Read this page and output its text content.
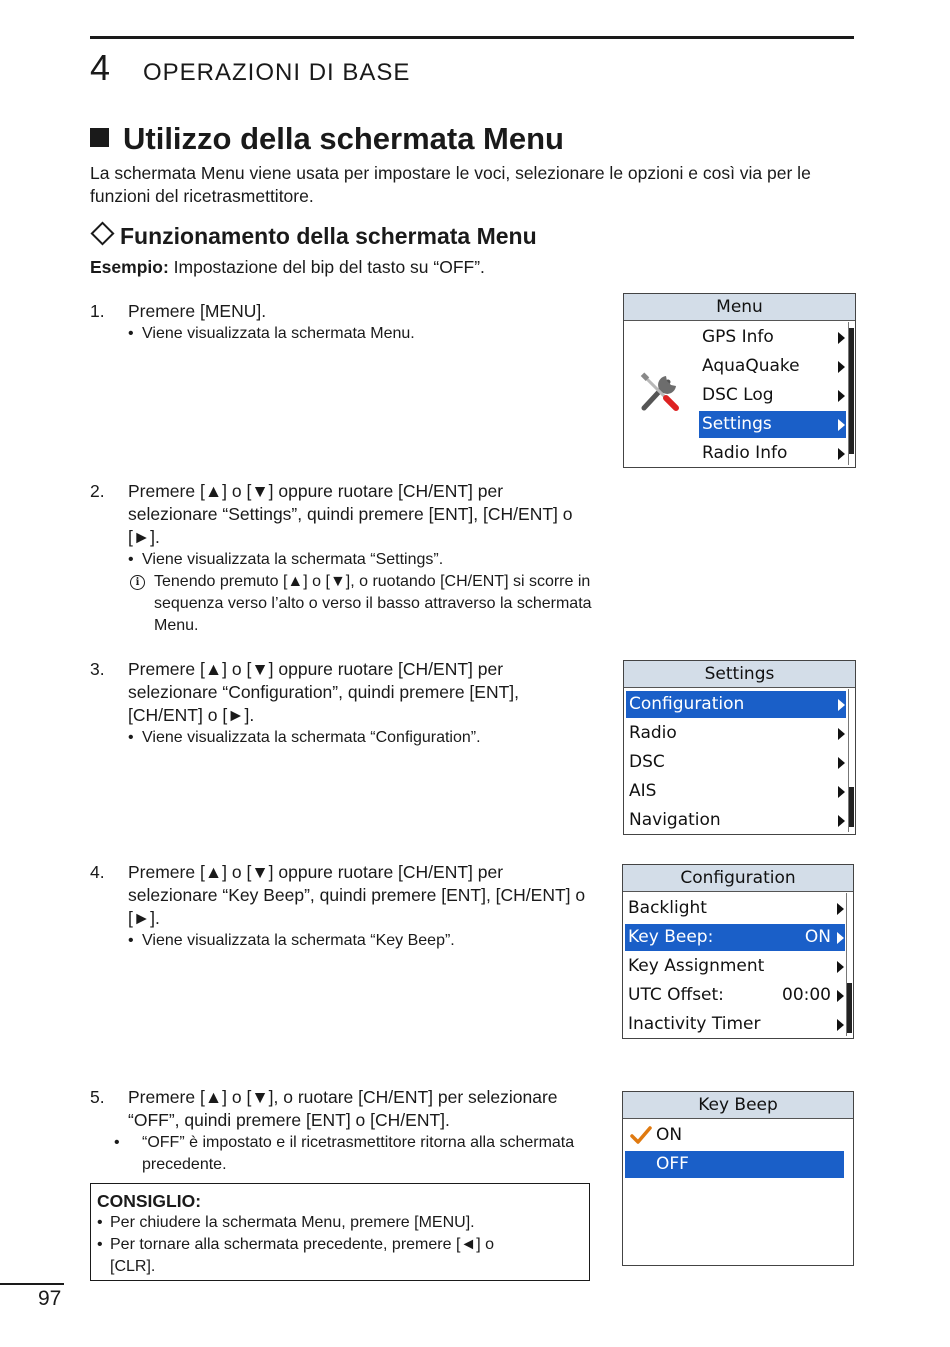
4 OPERAZIONI DI BASE
Utilizzo della schermata Menu
La schermata Menu viene usata per impostare le voci, selezionare le opzioni e così via per le funzioni del ricetrasmettitore.
Funzionamento della schermata Menu
Esempio: Impostazione del bip del tasto su “OFF”.
1. Premere [MENU].
• Viene visualizzata la schermata Menu.
2. Premere [▲] o [▼] oppure ruotare [CH/ENT] per selezionare “Settings”, quindi premere [ENT], [CH/ENT] o [►].
• Viene visualizzata la schermata “Settings”.
i Tenendo premuto [▲] o [▼], o ruotando [CH/ENT] si scorre in sequenza verso l’alto o verso il basso attraverso la schermata Menu.
3. Premere [▲] o [▼] oppure ruotare [CH/ENT] per selezionare “Configuration”, quindi premere [ENT], [CH/ENT] o [►].
• Viene visualizzata la schermata “Configuration”.
4. Premere [▲] o [▼] oppure ruotare [CH/ENT] per selezionare “Key Beep”, quindi premere [ENT], [CH/ENT] o [►].
• Viene visualizzata la schermata “Key Beep”.
5. Premere [▲] o [▼], o ruotare [CH/ENT] per selezionare “OFF”, quindi premere [ENT] o [CH/ENT].
• “OFF” è impostato e il ricetrasmettitore ritorna alla schermata precedente.
Menu
GPS Info
AquaQuake
DSC Log
Settings
Radio Info
Settings
Configuration
Radio
DSC
AIS
Navigation
Configuration
Backlight
Key Beep:	ON
Key Assignment
UTC Offset:	00:00
Inactivity Timer
Key Beep
ON
OFF
CONSIGLIO:
• Per chiudere la schermata Menu, premere [MENU].
• Per tornare alla schermata precedente, premere [◄] o
[CLR].
97
